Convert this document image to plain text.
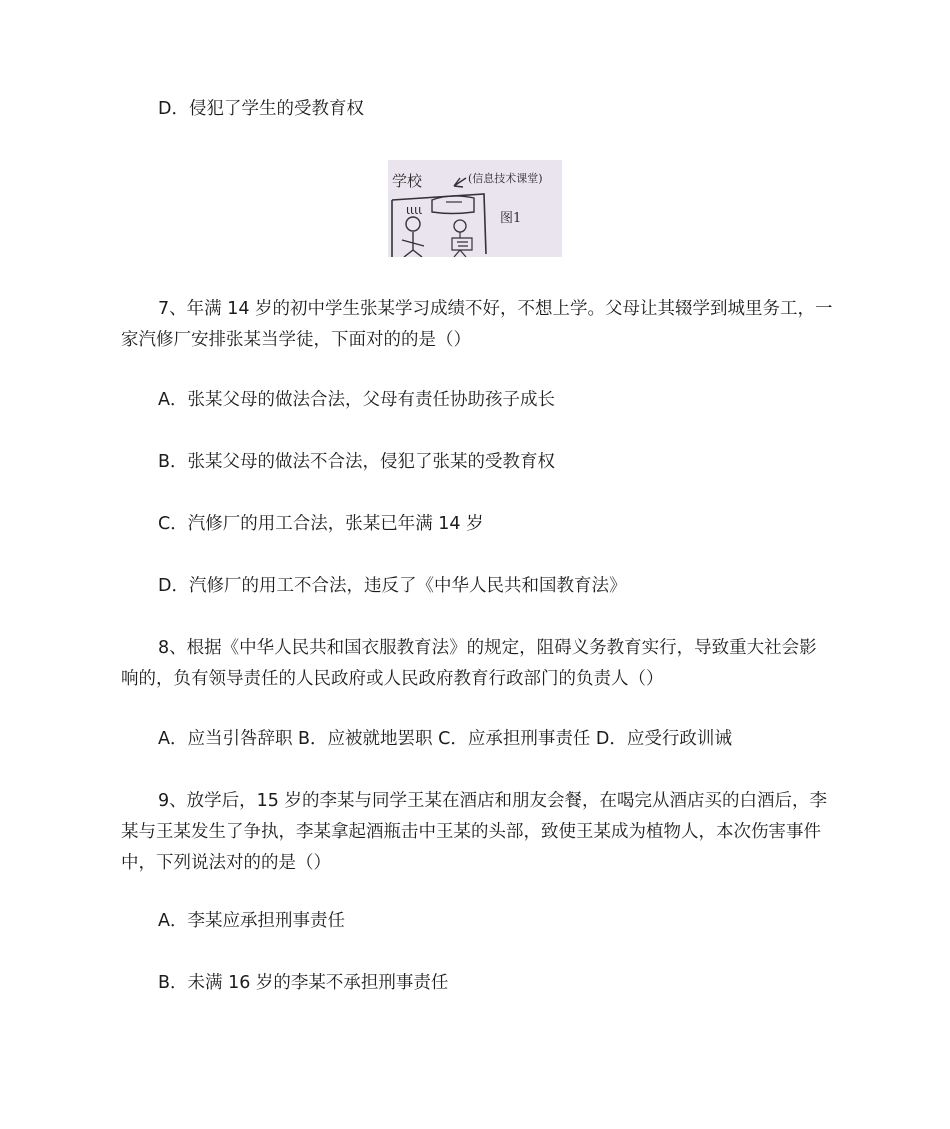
D．侵犯了学生的受教育权

学校	(信息技术课堂)
ιιιι
图1

7、年满 14 岁的初中学生张某学习成绩不好，不想上学。父母让其辍学到城里务工，一家汽修厂安排张某当学徒，下面对的的是（）

A．张某父母的做法合法，父母有责任协助孩子成长

B．张某父母的做法不合法，侵犯了张某的受教育权

C．汽修厂的用工合法，张某已年满 14 岁

D．汽修厂的用工不合法，违反了《中华人民共和国教育法》

8、根据《中华人民共和国衣服教育法》的规定，阻碍义务教育实行，导致重大社会影响的，负有领导责任的人民政府或人民政府教育行政部门的负责人（）

A．应当引咎辞职 B．应被就地罢职 C．应承担刑事责任 D．应受行政训诫

9、放学后，15 岁的李某与同学王某在酒店和朋友会餐，在喝完从酒店买的白酒后，李某与王某发生了争执，李某拿起酒瓶击中王某的头部，致使王某成为植物人，本次伤害事件中，下列说法对的的是（）

A．李某应承担刑事责任

B．未满 16 岁的李某不承担刑事责任
